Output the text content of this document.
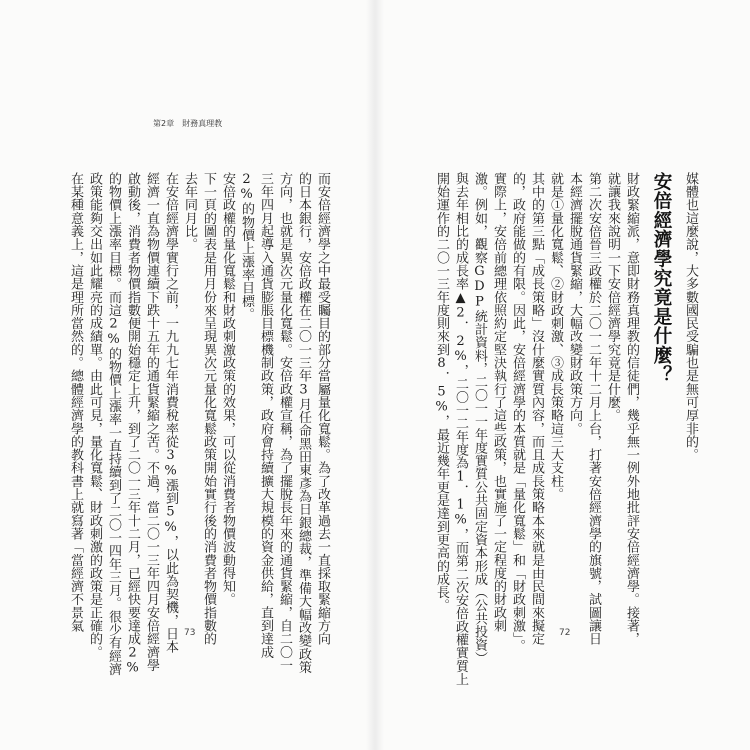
第2章 財務真理教
而安倍經濟學之中最受矚目的部分當屬量化寬鬆。為了改革過去一直採取緊縮方向
的日本銀行，安倍政權在二〇一三年3月任命黑田東彥為日銀總裁，準備大幅改變政策
方向，也就是異次元量化寬鬆。安倍政權宣稱，為了擺脫長年來的通貨緊縮，自二〇一
三年四月起導入通貨膨脹目標機制政策，政府會持續擴大規模的資金供給，直到達成
2%的物價上漲率目標。
安倍政權的量化寬鬆和財政刺激政策的效果，可以從消費者物價波動得知。
下一頁的圖表是用月份來呈現異次元量化寬鬆政策開始實行後的消費者物價指數的
去年同月比。
在安倍經濟學實行之前，一九九七年消費稅率從3%漲到5%，以此為契機，日本
經濟一直為物價連續下跌十五年的通貨緊縮之苦。不過，當二〇一三年四月安倍經濟學
啟動後，消費者物價指數便開始穩定上升，到了二〇一三年十二月，已經快要達成2%
的物價上漲率目標。而這2%的物價上漲率一直持續到了二〇一四年三月。很少有經濟
政策能夠交出如此耀亮的成績單。由此可見，量化寬鬆、財政刺激的政策是正確的。
在某種意義上，這是理所當然的。總體經濟學的教科書上就寫著「當經濟不景氣	媒體也這麼說，大多數國民受騙也是無可厚非的。
安倍經濟學究竟是什麼？
財政緊縮派，意即財務真理教的信徒們，幾乎無一例外地批評安倍經濟學。接著，
就讓我來說明一下安倍經濟學究竟是什麼。
第二次安倍晉三政權於二〇一二年十二月上台，打著安倍經濟學的旗號，試圖讓日
本經濟擺脫通貨緊縮，大幅改變財政策方向。
就是①量化寬鬆、②財政刺激、③成長策略這三大支柱。
其中的第三點「成長策略」沒什麼實質內容，而且成長策略本來就是由民間來擬定
的，政府能做的有限。因此，安倍經濟學的本質就是「量化寬鬆」和「財政刺激」。
實際上，安倍前總理依照約定堅決執行了這些政策，也實施了一定程度的財政刺
激。例如，觀察GDP統計資料，二〇一一年度實質公共固定資本形成（公共投資）
與去年相比的成長率▲2．2%，二〇一二年度為1．1%，而第二次安倍政權實質上
開始運作的二〇一三年度則來到8．5%，最近幾年更是達到更高的成長。
73	72
